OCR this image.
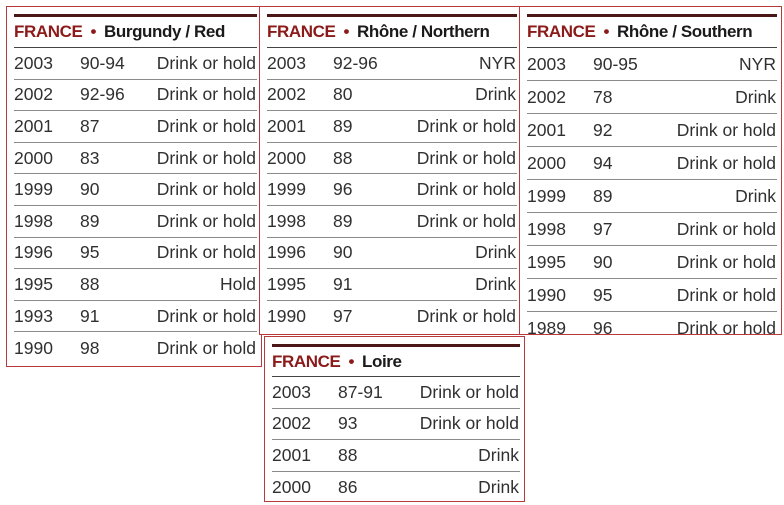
FRANCE • Burgundy / Red
2003	90-94	Drink or hold
2002	92-96	Drink or hold
2001	87	Drink or hold
2000	83	Drink or hold
1999	90	Drink or hold
1998	89	Drink or hold
1996	95	Drink or hold
1995	88	Hold
1993	91	Drink or hold
1990	98	Drink or hold
FRANCE • Rhône / Northern
2003	92-96	NYR
2002	80	Drink
2001	89	Drink or hold
2000	88	Drink or hold
1999	96	Drink or hold
1998	89	Drink or hold
1996	90	Drink
1995	91	Drink
1990	97	Drink or hold
FRANCE • Rhône / Southern
2003	90-95	NYR
2002	78	Drink
2001	92	Drink or hold
2000	94	Drink or hold
1999	89	Drink
1998	97	Drink or hold
1995	90	Drink or hold
1990	95	Drink or hold
1989	96	Drink or hold
FRANCE • Loire
2003	87-91	Drink or hold
2002	93	Drink or hold
2001	88	Drink
2000	86	Drink
